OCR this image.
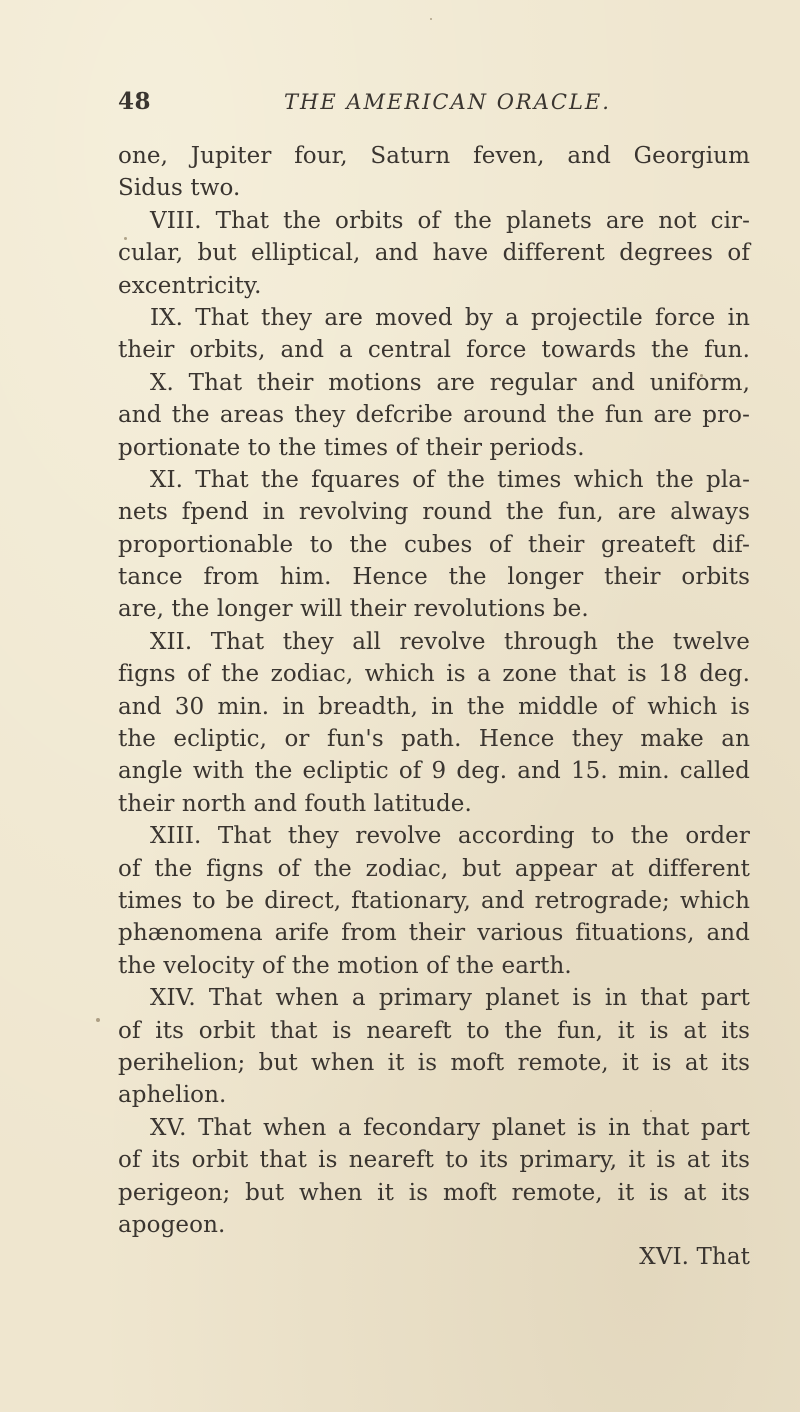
48	THE AMERICAN ORACLE.
one, Jupiter four, Saturn feven, and Georgium
Sidus two.
VIII. That the orbits of the planets are not cir-
cular, but elliptical, and have different degrees of
excentricity.
IX. That they are moved by a projectile force in
their orbits, and a central force towards the fun.
X. That their motions are regular and uniform,
and the areas they defcribe around the fun are pro-
portionate to the times of their periods.
XI. That the fquares of the times which the pla-
nets fpend in revolving round the fun, are always
proportionable to the cubes of their greateft dif-
tance from him. Hence the longer their orbits
are, the longer will their revolutions be.
XII. That they all revolve through the twelve
figns of the zodiac, which is a zone that is 18 deg.
and 30 min. in breadth, in the middle of which is
the ecliptic, or fun's path. Hence they make an
angle with the ecliptic of 9 deg. and 15. min. called
their north and fouth latitude.
XIII. That they revolve according to the order
of the figns of the zodiac, but appear at different
times to be direct, ftationary, and retrograde; which
phænomena arife from their various fituations, and
the velocity of the motion of the earth.
XIV. That when a primary planet is in that part
of its orbit that is neareft to the fun, it is at its
perihelion; but when it is moft remote, it is at its
aphelion.
XV. That when a fecondary planet is in that part
of its orbit that is neareft to its primary, it is at its
perigeon; but when it is moft remote, it is at its
apogeon.
XVI. That
